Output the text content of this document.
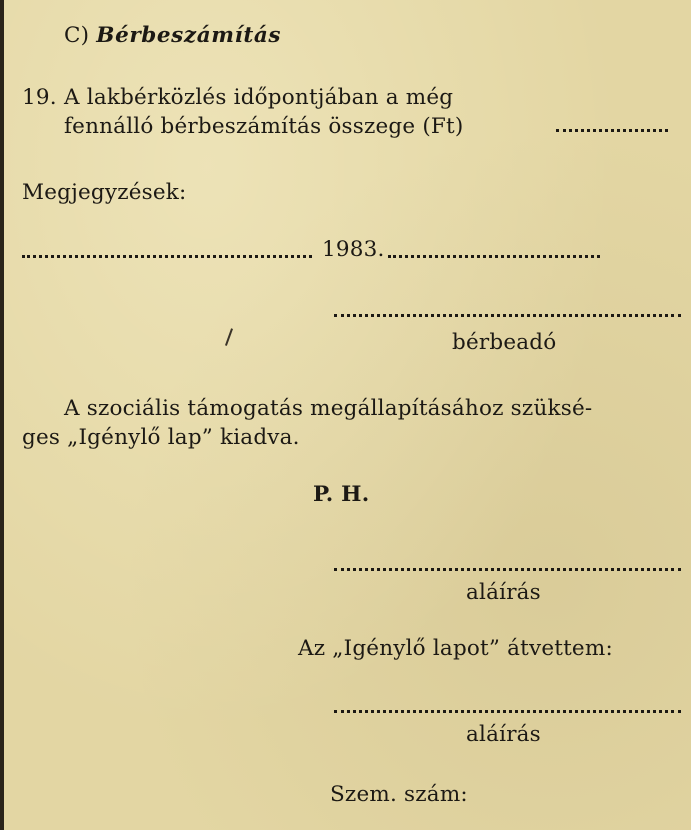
C) Bérbeszámítás
19. A lakbérközlés időpontjában a még
fennálló bérbeszámítás összege (Ft)
Megjegyzések:
1983.
bérbeadó
A szociális támogatás megállapításához szüksé-
ges „Igénylő lap” kiadva.
P. H.
aláírás
Az „Igénylő lapot” átvettem:
aláírás
Szem. szám:
